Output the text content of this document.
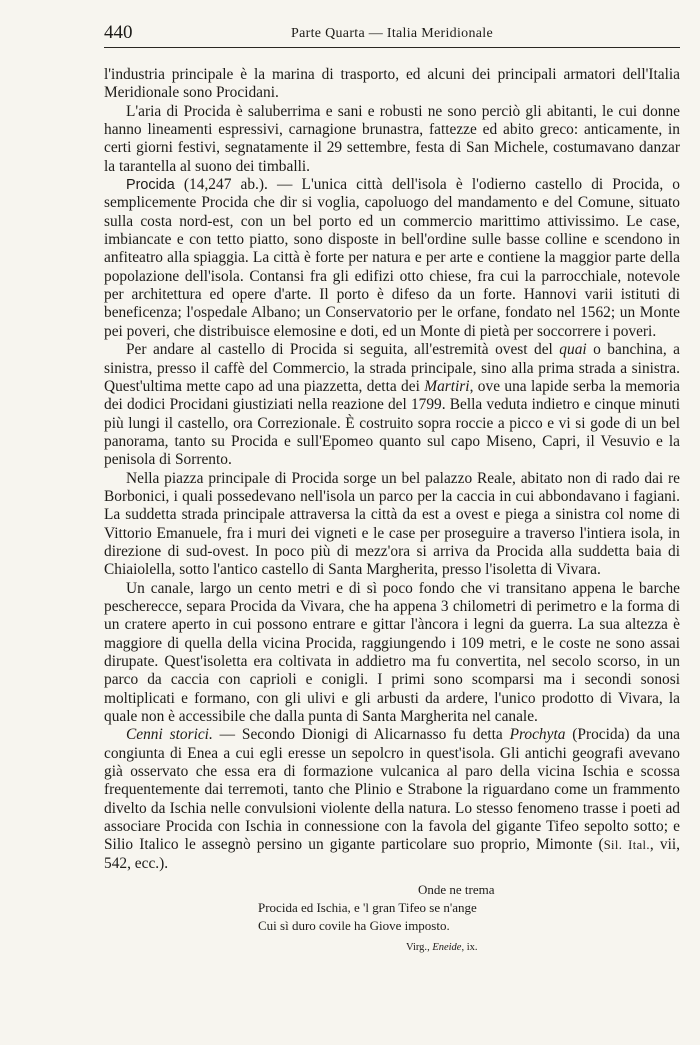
440	Parte Quarta — Italia Meridionale

l'industria principale è la marina di trasporto, ed alcuni dei principali armatori dell'Italia Meridionale sono Procidani.

L'aria di Procida è saluberrima e sani e robusti ne sono perciò gli abitanti, le cui donne hanno lineamenti espressivi, carnagione brunastra, fattezze ed abito greco: anticamente, in certi giorni festivi, segnatamente il 29 settembre, festa di San Michele, costumavano danzar la tarantella al suono dei timballi.

Procida (14,247 ab.). — L'unica città dell'isola è l'odierno castello di Procida, o semplicemente Procida che dir si voglia, capoluogo del mandamento e del Comune, situato sulla costa nord-est, con un bel porto ed un commercio marittimo attivissimo. Le case, imbiancate e con tetto piatto, sono disposte in bell'ordine sulle basse colline e scendono in anfiteatro alla spiaggia. La città è forte per natura e per arte e contiene la maggior parte della popolazione dell'isola. Contansi fra gli edifizi otto chiese, fra cui la parrocchiale, notevole per architettura ed opere d'arte. Il porto è difeso da un forte. Hannovi varii istituti di beneficenza; l'ospedale Albano; un Conservatorio per le orfane, fondato nel 1562; un Monte pei poveri, che distribuisce elemosine e doti, ed un Monte di pietà per soccorrere i poveri.

Per andare al castello di Procida si seguita, all'estremità ovest del quai o banchina, a sinistra, presso il caffè del Commercio, la strada principale, sino alla prima strada a sinistra. Quest'ultima mette capo ad una piazzetta, detta dei Martiri, ove una lapide serba la memoria dei dodici Procidani giustiziati nella reazione del 1799. Bella veduta indietro e cinque minuti più lungi il castello, ora Correzionale. È costruito sopra roccie a picco e vi si gode di un bel panorama, tanto su Procida e sull'Epomeo quanto sul capo Miseno, Capri, il Vesuvio e la penisola di Sorrento.

Nella piazza principale di Procida sorge un bel palazzo Reale, abitato non di rado dai re Borbonici, i quali possedevano nell'isola un parco per la caccia in cui abbondavano i fagiani. La suddetta strada principale attraversa la città da est a ovest e piega a sinistra col nome di Vittorio Emanuele, fra i muri dei vigneti e le case per proseguire a traverso l'intiera isola, in direzione di sud-ovest. In poco più di mezz'ora si arriva da Procida alla suddetta baia di Chiaiolella, sotto l'antico castello di Santa Margherita, presso l'isoletta di Vivara.

Un canale, largo un cento metri e di sì poco fondo che vi transitano appena le barche pescherecce, separa Procida da Vivara, che ha appena 3 chilometri di perimetro e la forma di un cratere aperto in cui possono entrare e gittar l'àncora i legni da guerra. La sua altezza è maggiore di quella della vicina Procida, raggiungendo i 109 metri, e le coste ne sono assai dirupate. Quest'isoletta era coltivata in addietro ma fu convertita, nel secolo scorso, in un parco da caccia con caprioli e conigli. I primi sono scomparsi ma i secondi sonosi moltiplicati e formano, con gli ulivi e gli arbusti da ardere, l'unico prodotto di Vivara, la quale non è accessibile che dalla punta di Santa Margherita nel canale.

Cenni storici. — Secondo Dionigi di Alicarnasso fu detta Prochyta (Procida) da una congiunta di Enea a cui egli eresse un sepolcro in quest'isola. Gli antichi geografi avevano già osservato che essa era di formazione vulcanica al paro della vicina Ischia e scossa frequentemente dai terremoti, tanto che Plinio e Strabone la riguardano come un frammento divelto da Ischia nelle convulsioni violente della natura. Lo stesso fenomeno trasse i poeti ad associare Procida con Ischia in connessione con la favola del gigante Tifeo sepolto sotto; e Silio Italico le assegnò persino un gigante particolare suo proprio, Mimonte (Sil. Ital., vii, 542, ecc.).

Onde ne trema
Procida ed Ischia, e 'l gran Tifeo se n'ange
Cui sì duro covile ha Giove imposto.
Virg., Eneide, ix.
